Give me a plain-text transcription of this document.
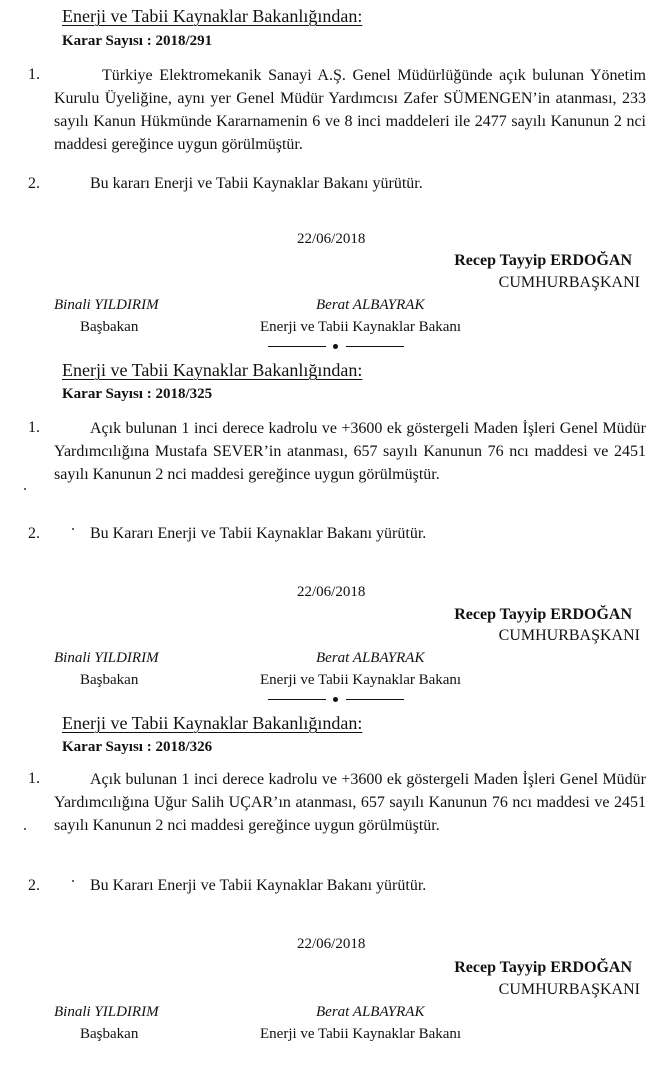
Enerji ve Tabii Kaynaklar Bakanlığından:
Karar Sayısı : 2018/291
1.	Türkiye Elektromekanik Sanayi A.Ş. Genel Müdürlüğünde açık bulunan Yönetim Kurulu Üyeliğine, aynı yer Genel Müdür Yardımcısı Zafer SÜMENGEN’in atanması, 233 sayılı Kanun Hükmünde Kararnamenin 6 ve 8 inci maddeleri ile 2477 sayılı Kanunun 2 nci maddesi gereğince uygun görülmüştür.
2.	Bu kararı Enerji ve Tabii Kaynaklar Bakanı yürütür.
22/06/2018
Recep Tayyip ERDOĞAN
CUMHURBAŞKANI
Binali YILDIRIM	Berat ALBAYRAK
Başbakan	Enerji ve Tabii Kaynaklar Bakanı
Enerji ve Tabii Kaynaklar Bakanlığından:
Karar Sayısı : 2018/325
1.	Açık bulunan 1 inci derece kadrolu ve +3600 ek göstergeli Maden İşleri Genel Müdür Yardımcılığına Mustafa SEVER’in atanması, 657 sayılı Kanunun 76 ncı maddesi ve 2451 sayılı Kanunun 2 nci maddesi gereğince uygun görülmüştür.
2.	Bu Kararı Enerji ve Tabii Kaynaklar Bakanı yürütür.
22/06/2018
Recep Tayyip ERDOĞAN
CUMHURBAŞKANI
Binali YILDIRIM	Berat ALBAYRAK
Başbakan	Enerji ve Tabii Kaynaklar Bakanı
Enerji ve Tabii Kaynaklar Bakanlığından:
Karar Sayısı : 2018/326
1.	Açık bulunan 1 inci derece kadrolu ve +3600 ek göstergeli Maden İşleri Genel Müdür Yardımcılığına Uğur Salih UÇAR’ın atanması, 657 sayılı Kanunun 76 ncı maddesi ve 2451 sayılı Kanunun 2 nci maddesi gereğince uygun görülmüştür.
2.	Bu Kararı Enerji ve Tabii Kaynaklar Bakanı yürütür.
22/06/2018
Recep Tayyip ERDOĞAN
CUMHURBAŞKANI
Binali YILDIRIM	Berat ALBAYRAK
Başbakan	Enerji ve Tabii Kaynaklar Bakanı
